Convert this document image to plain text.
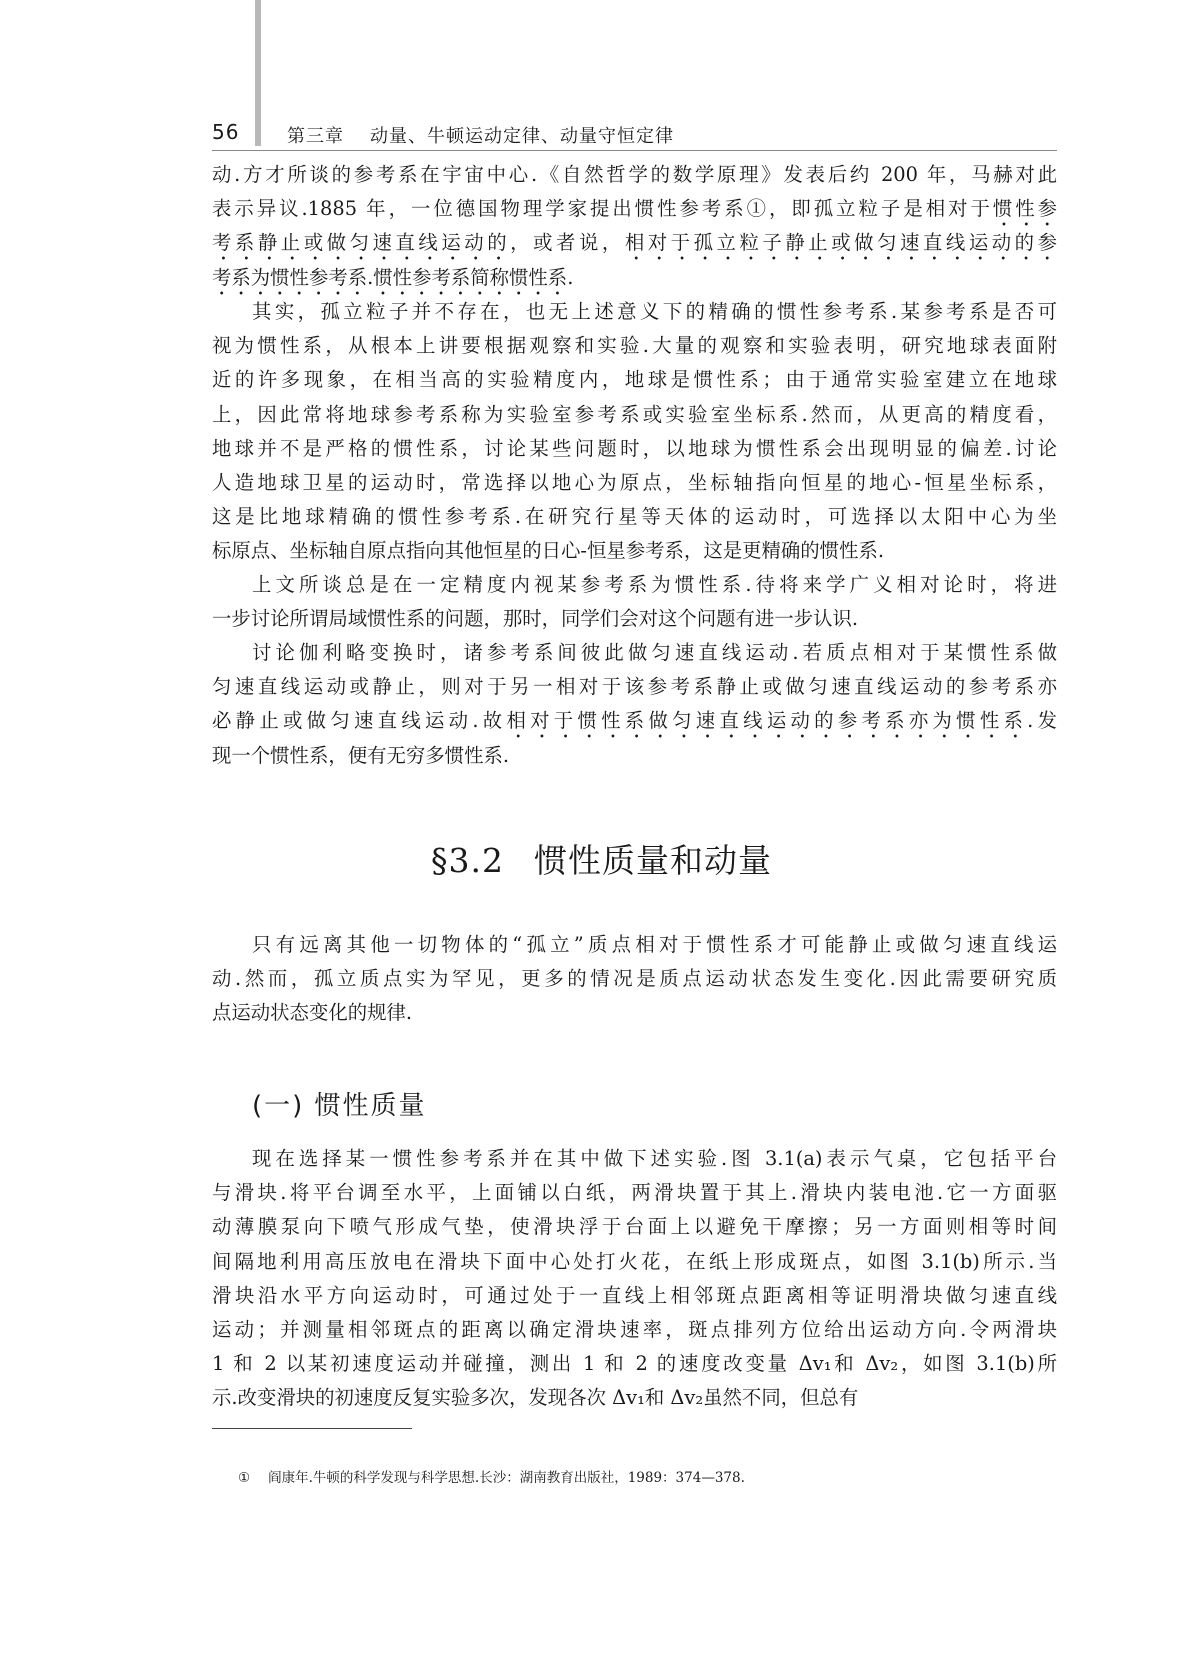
56	第三章 动量、牛顿运动定律、动量守恒定律
动.方才所谈的参考系在宇宙中心.《自然哲学的数学原理》发表后约 200 年，马赫对此
表示异议.1885 年，一位德国物理学家提出惯性参考系①，即孤立粒子是相对于惯性参
考系静止或做匀速直线运动的，或者说，相对于孤立粒子静止或做匀速直线运动的参
考系为惯性参考系.惯性参考系简称惯性系.
其实，孤立粒子并不存在，也无上述意义下的精确的惯性参考系.某参考系是否可
视为惯性系，从根本上讲要根据观察和实验.大量的观察和实验表明，研究地球表面附
近的许多现象，在相当高的实验精度内，地球是惯性系；由于通常实验室建立在地球
上，因此常将地球参考系称为实验室参考系或实验室坐标系.然而，从更高的精度看，
地球并不是严格的惯性系，讨论某些问题时，以地球为惯性系会出现明显的偏差.讨论
人造地球卫星的运动时，常选择以地心为原点，坐标轴指向恒星的地心-恒星坐标系，
这是比地球精确的惯性参考系.在研究行星等天体的运动时，可选择以太阳中心为坐
标原点、坐标轴自原点指向其他恒星的日心-恒星参考系，这是更精确的惯性系.
上文所谈总是在一定精度内视某参考系为惯性系.待将来学广义相对论时，将进
一步讨论所谓局域惯性系的问题，那时，同学们会对这个问题有进一步认识.
讨论伽利略变换时，诸参考系间彼此做匀速直线运动.若质点相对于某惯性系做
匀速直线运动或静止，则对于另一相对于该参考系静止或做匀速直线运动的参考系亦
必静止或做匀速直线运动.故相对于惯性系做匀速直线运动的参考系亦为惯性系.发
现一个惯性系，便有无穷多惯性系.
§3.2 惯性质量和动量
只有远离其他一切物体的“孤立”质点相对于惯性系才可能静止或做匀速直线运
动.然而，孤立质点实为罕见，更多的情况是质点运动状态发生变化.因此需要研究质
点运动状态变化的规律.
(一) 惯性质量
现在选择某一惯性参考系并在其中做下述实验.图 3.1(a)表示气桌，它包括平台
与滑块.将平台调至水平，上面铺以白纸，两滑块置于其上.滑块内装电池.它一方面驱
动薄膜泵向下喷气形成气垫，使滑块浮于台面上以避免干摩擦；另一方面则相等时间
间隔地利用高压放电在滑块下面中心处打火花，在纸上形成斑点，如图 3.1(b)所示.当
滑块沿水平方向运动时，可通过处于一直线上相邻斑点距离相等证明滑块做匀速直线
运动；并测量相邻斑点的距离以确定滑块速率，斑点排列方位给出运动方向.令两滑块
1 和 2 以某初速度运动并碰撞，测出 1 和 2 的速度改变量 Δv₁和 Δv₂，如图 3.1(b)所
示.改变滑块的初速度反复实验多次，发现各次 Δv₁和 Δv₂虽然不同，但总有
① 阎康年.牛顿的科学发现与科学思想.长沙：湖南教育出版社，1989：374—378.
